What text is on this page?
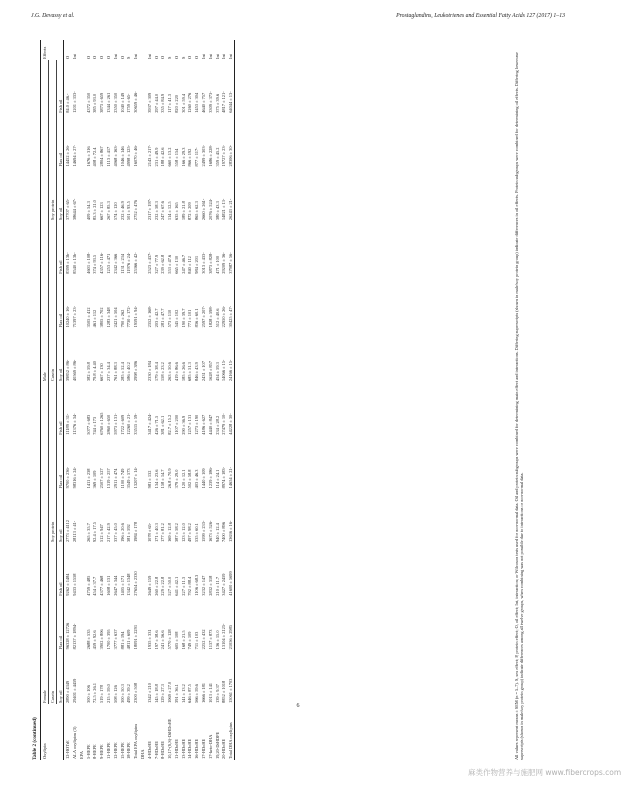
J.G. Devassy et al.	Prostaglandins, Leukotrienes and Essential Fatty Acids 127 (2017) 1–13
Table 2 (continued) Oxylipin	Female						Male						Effects
	Casein			Soy protein			Casein			Soy protein			
	Soy oil	Flax oil	Fish oil	Soy oil	Flax oil	Fish oil	Soy oil	Flax oil	Fish oil	Soy oil	Flax oil	Fish oil	
12-HOTrE	2890 ± 4349	96328 ± 12726	9262 ± 1484	2773 ± 4112	9700 ± 236-	11189 ± 31-	39852 ± 86-	10240 ± 16-	8399 ± 13b-	37707 ± 65-	14452 ± 26-	84.0 ± 46.-	O
ALA oxylipins (3)	29401 ± 4459	82137 ± 1894-	9433 ± 1558	28113 ± 41-	98316 ± 24-	11376 ± 34-	40569 ± 86-	71397 ± 23-	8540 ± 13b-	38644 ± 67-	14694 ± 27-	1201 ± 333-	Int
EPA													
5-HEPE	300 ± 106	2688 ± 535	4759 ± 485	265 ± 35.7	1411 ± 238	5077 ± 683	382 ± 59.8	3505 ± 412	4601 ± 108-	409 ± 54.3	1676 ± 316	4372 ± 350	O
8-HEPE	72.5 ± 26.1	459 ± 92.6	454 ± 37.7	92.4 ± 17.5	369 ± 109	744 ± 173	79.8 ± 4.40	461 ± 112	374 ± 93.5	85.3 ± 21.0	408 ± 72.4	385 ± 93.0	O
9-HEPE	519 ± 178	3902 ± 806	4377 ± 468	512 ± 947	2507 ± 527	6760 ± 1265	667 ± 130	3805 ± 702	4357 ± 116-	667 ± 123	2804 ± 867	3873 ± 659	O
11-HEPE	215 ± 59.0	1700 ± 395	1608 ± 131	217 ± 42.9	1319 ± 257	2860 ± 650	237 ± 34.4	1283 ± 348	1253 ± 471	267 ± 85.3	1113 ± 417	1344 ± 261	O
12-HEPE	508 ± 126	3777 ± 637	2647 ± 344	337 ± 45.0	2911 ± 474	5973 ± 131-	761 ± 88.3	2421 ± 504	2342 ± 366	574 ± 120	4068 ± 163-	2350 ± 350	Int
15-HEPE	300 ± 50.3	881 ± 194	1405 ± 171	196 ± 20.6	1100 ± 749	1722 ± 609	285 ± 52.4	790 ± 262	1131 ± 234	232 ± 46.9	1046 ± 146	1040 ± 149	O
18-HEPE	499 ± 39.2	4811 ± 609	1342 ± 1348	381 ± 592	3549 ± 573	12260 ± 21-	586 ± 40.2	7730 ± 172-	11976 ± 24-	501 ± 93.5	4998 ± 125-	1759 ± 65-	S
Total EPA oxylipins	2300 ± 508	18091 ± 2291	27654 ± 2330	1984 ± 178	13207 ± 14-	33515 ± 59-	2998 ± 386	19591 ± 94-	25366 ± 42-	2752 ± 476	16070 ± 46-	30659 ± 46-	Int
DHA													
4-HDoHE	1342 ± 210	1935 ± 331	2649 ± 159	1078 ± 65-	981 ± 132	3417 ± 424-	2330 ± 184	2352 ± 168-	2523 ± 437-	2317 ± 197-	2143 ± 217-	3937 ± 309	Int
7-HDoHE	145 ± 18.8	197 ± 38.6	260 ± 22.8	171 ± 40.3	134 ± 23.6	426 ± 71.5	179 ± 38.4	203 ± 42.7	327 ± 77.9	232 ± 58.3	231 ± 49.9	297 ± 44.0	O
8-HDoHE	129 ± 27.3	241 ± 56.6	229 ± 22.8	177 ± 81.2	158 ± 14.7	381 ± 62.1	158 ± 23.2	281 ± 47.7	239 ± 62.8	247 ± 67.6	188 ± 42.6	335 ± 84.9	O
10,17-(S,S)-DiHDoHE	1069 ± 27.0	5770 ± 128	527 ± 50.0	169 ± 12.8	26.8 ± 70.9	82.7 ± 15.2	263 ± 50.6	573 ± 110	553 ± 47.6	114 ± 12.5	660 ± 13.2	117 ± 41.3	S
11-HDoHE	391 ± 36.1	605 ± 108	641 ± 42.1	387 ± 58.2	379 ± 29.0	1107 ± 200	419 ± 86.6	545 ± 102	665 ± 130	635 ± 165	558 ± 154	820 ± 220	O
13-HDoHE	141 ± 13.2	168 ± 21.5	227 ± 11.3	123 ± 12.0	120 ± 12.1	290 ± 36.9	185 ± 26.6	190 ± 39.7	247 ± 46.7	189 ± 21.8	166 ± 29.3	301 ± 59.4	S
14-HDoHE	646 ± 87.5	749 ± 109	792 ± 88.4	497 ± 98.2	502 ± 58.8	1257 ± 131	685 ± 51.3	771 ± 101	840 ± 112	872 ± 209	866 ± 192	1260 ± 276	O
16-HDoHE	566 ± 59.6	711 ± 103	1106 ± 68.3	535 ± 60.1	403 ± 46.3	1273 ± 190	846 ± 43.9	836 ± 60.1	984 ± 201	865 ± 62.3	877 ± 117-	1453 ± 304	O
17-HDoHE	1666 ± 181	2252 ± 432	3232 ± 147	1599 ± 233-	1440 ± 109	4186 ± 627	2431 ± 107	2597 ± 207-	3013 ± 433-	2660 ± 261-	2499 ± 303-	4640 ± 757	Int
17-keto-DHA	1013 ± 141	1137 ± 873	2832 ± 318	1673 ± 526-	1239 ± 186-	4440 ± 847	1628 ± 857	1828 ± 598-	3873 ± 828-	2076 ± 524-	1686 ± 228-	3309 ± 373-	Int
19,20-DiHDPE	139 ± 9.37	136 ± 15.0	210 ± 11.7	940 ± 12.4	114 ± 24.1	234 ± 28.2	454 ± 59.3	512 ± 40.6	471 ± 100	380 ± 43.3	359 ± 45.2	375 ± 39.6	Int
20-HDoHE	8852 ± 1018	13104 ± 2125-	3427 ± 2459	7400 ± 896	8974 ± 183-	27479 ± 10-	14066 ± 15-	22950 ± 26-	29209 ± 36-	14821 ± 13-	19727 ± 23-	4817 ± 121-	Int
Total DHA oxylipins	15061 ± 1703	21056 ± 2985	41600 ± 5699	13636 ± 16-	14654 ± 21-	44228 ± 30-	24166 ± 15-	30425 ± 47-	37987 ± 56-	26243 ± 21-	28306 ± 30-	64044 ± 13-	Int	All values represent means ± SEM (n = 5–7). S, sex effect; P, protein effect; O, oil effect; Int, interaction; or Wilcoxon tests used for non-normal data. Oil and protein subgroups were combined for determining main effect and interactions. Differing superscripts (shown in male/soy protein group) indicate differences in oil effects. Protein subgroups were combined for determining oil effects. Differing lowercase superscripts (shown in male/soy protein group) indicate differences among all twelve groups, when combining was not possible due to interactions or non-normal data.
6
麻类作物营养与施肥网 www.fibercrops.com
